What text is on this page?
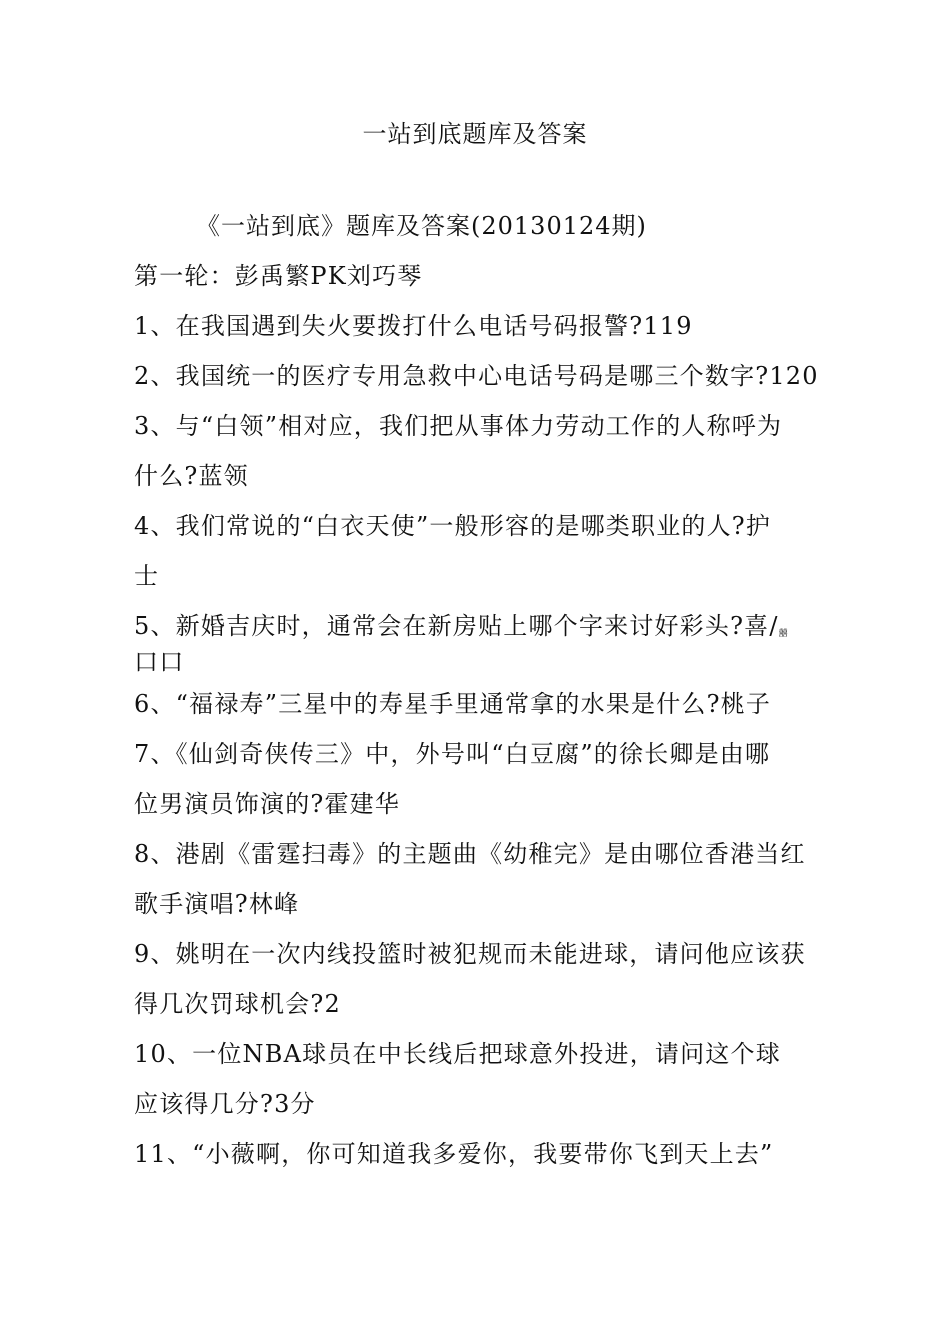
一站到底题库及答案
《一站到底》题库及答案(20130124期)
第一轮：彭禹繁PK刘巧琴
1、在我国遇到失火要拨打什么电话号码报警?119
2、我国统一的医疗专用急救中心电话号码是哪三个数字?120
3、与“白领”相对应，我们把从事体力劳动工作的人称呼为
什么?蓝领
4、我们常说的“白衣天使”一般形容的是哪类职业的人?护
士
5、新婚吉庆时，通常会在新房贴上哪个字来讨好彩头?喜/囍
口口
6、“福禄寿”三星中的寿星手里通常拿的水果是什么?桃子
7、《仙剑奇侠传三》中，外号叫“白豆腐”的徐长卿是由哪
位男演员饰演的?霍建华
8、港剧《雷霆扫毒》的主题曲《幼稚完》是由哪位香港当红
歌手演唱?林峰
9、姚明在一次内线投篮时被犯规而未能进球，请问他应该获
得几次罚球机会?2
10、一位NBA球员在中长线后把球意外投进，请问这个球
应该得几分?3分
11、“小薇啊，你可知道我多爱你，我要带你飞到天上去”
